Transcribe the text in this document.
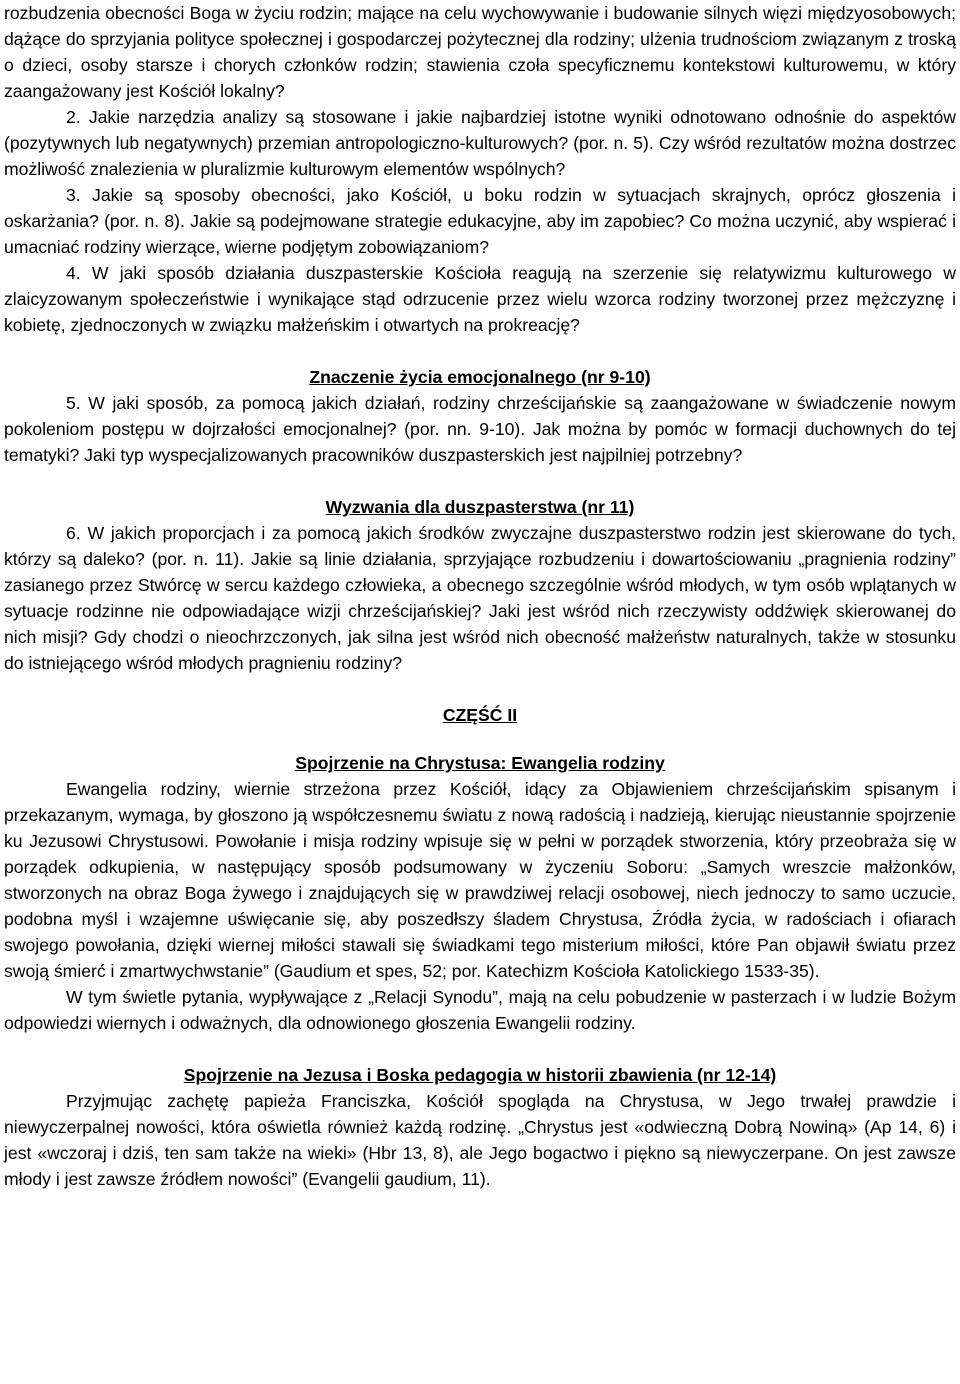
rozbudzenia obecności Boga w życiu rodzin; mające na celu wychowywanie i budowanie silnych więzi międzyosobowych; dążące do sprzyjania polityce społecznej i gospodarczej pożytecznej dla rodziny; ulżenia trudnościom związanym z troską o dzieci, osoby starsze i chorych członków rodzin; stawienia czoła specyficznemu kontekstowi kulturowemu, w który zaangażowany jest Kościół lokalny?

2. Jakie narzędzia analizy są stosowane i jakie najbardziej istotne wyniki odnotowano odnośnie do aspektów (pozytywnych lub negatywnych) przemian antropologiczno-kulturowych? (por. n. 5). Czy wśród rezultatów można dostrzec możliwość znalezienia w pluralizmie kulturowym elementów wspólnych?

3. Jakie są sposoby obecności, jako Kościół, u boku rodzin w sytuacjach skrajnych, oprócz głoszenia i oskarżania? (por. n. 8). Jakie są podejmowane strategie edukacyjne, aby im zapobiec? Co można uczynić, aby wspierać i umacniać rodziny wierzące, wierne podjętym zobowiązaniom?

4. W jaki sposób działania duszpasterskie Kościoła reagują na szerzenie się relatywizmu kulturowego w zlaicyzowanym społeczeństwie i wynikające stąd odrzucenie przez wielu wzorca rodziny tworzonej przez mężczyznę i kobietę, zjednoczonych w związku małżeńskim i otwartych na prokreację?

Znaczenie życia emocjonalnego (nr 9-10)

5. W jaki sposób, za pomocą jakich działań, rodziny chrześcijańskie są zaangażowane w świadczenie nowym pokoleniom postępu w dojrzałości emocjonalnej? (por. nn. 9-10). Jak można by pomóc w formacji duchownych do tej tematyki? Jaki typ wyspecjalizowanych pracowników duszpasterskich jest najpilniej potrzebny?

Wyzwania dla duszpasterstwa (nr 11)

6. W jakich proporcjach i za pomocą jakich środków zwyczajne duszpasterstwo rodzin jest skierowane do tych, którzy są daleko? (por. n. 11). Jakie są linie działania, sprzyjające rozbudzeniu i dowartościowaniu „pragnienia rodziny” zasianego przez Stwórcę w sercu każdego człowieka, a obecnego szczególnie wśród młodych, w tym osób wplątanych w sytuacje rodzinne nie odpowiadające wizji chrześcijańskiej? Jaki jest wśród nich rzeczywisty oddźwięk skierowanej do nich misji? Gdy chodzi o nieochrzczonych, jak silna jest wśród nich obecność małżeństw naturalnych, także w stosunku do istniejącego wśród młodych pragnieniu rodziny?

CZĘŚĆ II

Spojrzenie na Chrystusa: Ewangelia rodziny

Ewangelia rodziny, wiernie strzeżona przez Kościół, idący za Objawieniem chrześcijańskim spisanym i przekazanym, wymaga, by głoszono ją współczesnemu światu z nową radością i nadzieją, kierując nieustannie spojrzenie ku Jezusowi Chrystusowi. Powołanie i misja rodziny wpisuje się w pełni w porządek stworzenia, który przeobraża się w porządek odkupienia, w następujący sposób podsumowany w życzeniu Soboru: „Samych wreszcie małżonków, stworzonych na obraz Boga żywego i znajdujących się w prawdziwej relacji osobowej, niech jednoczy to samo uczucie, podobna myśl i wzajemne uświęcanie się, aby poszedłszy śladem Chrystusa, Źródła życia, w radościach i ofiarach swojego powołania, dzięki wiernej miłości stawali się świadkami tego misterium miłości, które Pan objawił światu przez swoją śmierć i zmartwychwstanie” (Gaudium et spes, 52; por. Katechizm Kościoła Katolickiego 1533-35).

W tym świetle pytania, wypływające z „Relacji Synodu”, mają na celu pobudzenie w pasterzach i w ludzie Bożym odpowiedzi wiernych i odważnych, dla odnowionego głoszenia Ewangelii rodziny.

Spojrzenie na Jezusa i Boska pedagogia w historii zbawienia (nr 12-14)

Przyjmując zachętę papieża Franciszka, Kościół spogląda na Chrystusa, w Jego trwałej prawdzie i niewyczerpalnej nowości, która oświetla również każdą rodzinę. „Chrystus jest «odwieczną Dobrą Nowiną» (Ap 14, 6) i jest «wczoraj i dziś, ten sam także na wieki» (Hbr 13, 8), ale Jego bogactwo i piękno są niewyczerpane. On jest zawsze młody i jest zawsze źródłem nowości” (Evangelii gaudium, 11).
